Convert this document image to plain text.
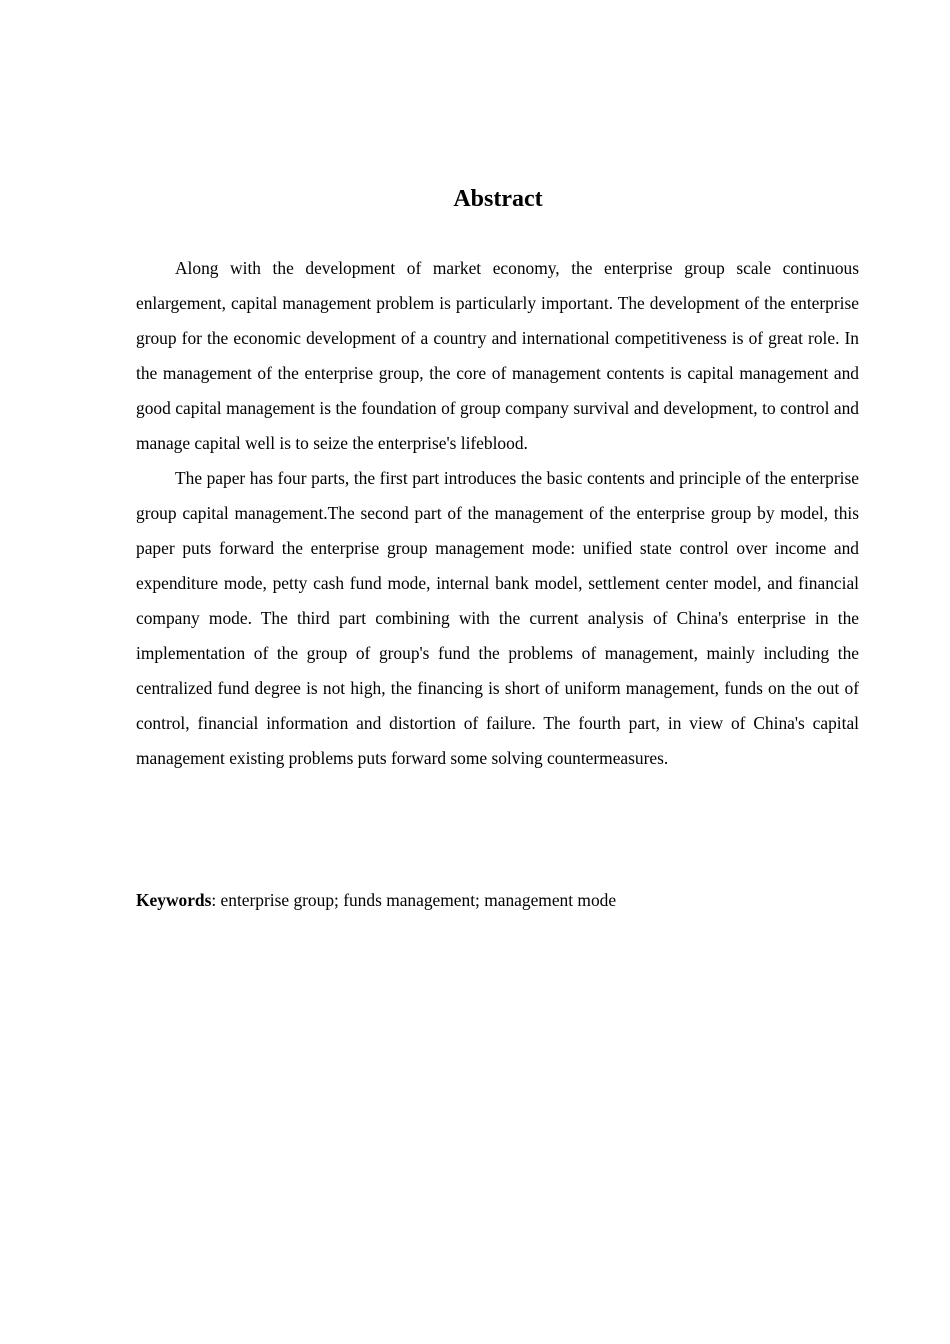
Abstract

Along with the development of market economy, the enterprise group scale continuous enlargement, capital management problem is particularly important. The development of the enterprise group for the economic development of a country and international competitiveness is of great role. In the management of the enterprise group, the core of management contents is capital management and good capital management is the foundation of group company survival and development, to control and manage capital well is to seize the enterprise's lifeblood.

The paper has four parts, the first part introduces the basic contents and principle of the enterprise group capital management.The second part of the management of the enterprise group by model, this paper puts forward the enterprise group management mode: unified state control over income and expenditure mode, petty cash fund mode, internal bank model, settlement center model, and financial company mode. The third part combining with the current analysis of China's enterprise in the implementation of the group of group's fund the problems of management, mainly including the centralized fund degree is not high, the financing is short of uniform management, funds on the out of control, financial information and distortion of failure. The fourth part, in view of China's capital management existing problems puts forward some solving countermeasures.

Keywords: enterprise group; funds management; management mode
